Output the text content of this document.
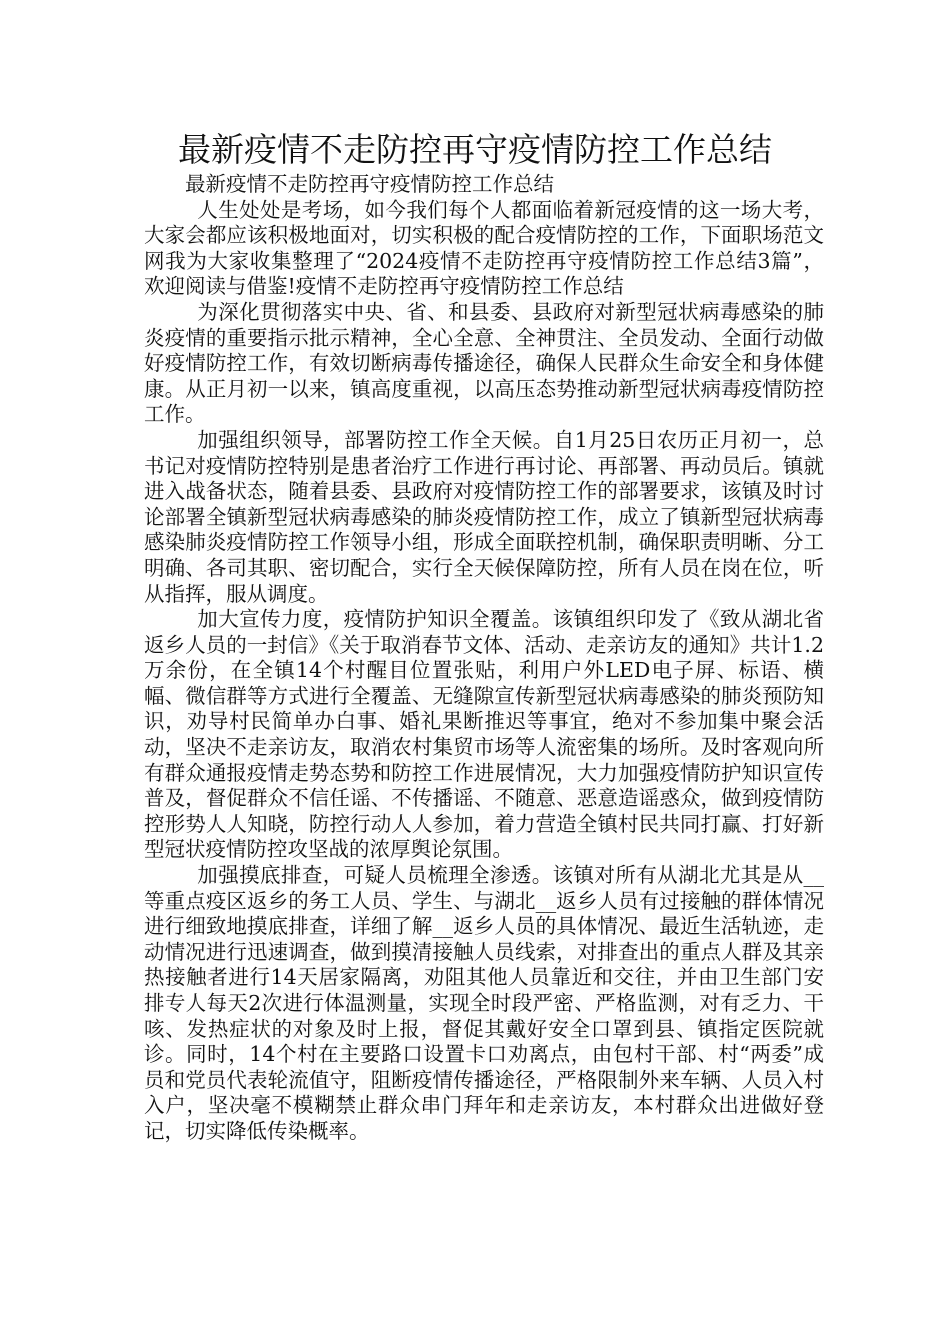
最新疫情不走防控再守疫情防控工作总结

最新疫情不走防控再守疫情防控工作总结

人生处处是考场，如今我们每个人都面临着新冠疫情的这一场大考，大家会都应该积极地面对，切实积极的配合疫情防控的工作，下面职场范文网我为大家收集整理了“2024疫情不走防控再守疫情防控工作总结3篇”，欢迎阅读与借鉴!疫情不走防控再守疫情防控工作总结

为深化贯彻落实中央、省、和县委、县政府对新型冠状病毒感染的肺炎疫情的重要指示批示精神，全心全意、全神贯注、全员发动、全面行动做好疫情防控工作，有效切断病毒传播途径，确保人民群众生命安全和身体健康。从正月初一以来，镇高度重视，以高压态势推动新型冠状病毒疫情防控工作。

加强组织领导，部署防控工作全天候。自1月25日农历正月初一，总书记对疫情防控特别是患者治疗工作进行再讨论、再部署、再动员后。镇就进入战备状态，随着县委、县政府对疫情防控工作的部署要求，该镇及时讨论部署全镇新型冠状病毒感染的肺炎疫情防控工作，成立了镇新型冠状病毒感染肺炎疫情防控工作领导小组，形成全面联控机制，确保职责明晰、分工明确、各司其职、密切配合，实行全天候保障防控，所有人员在岗在位，听从指挥，服从调度。

加大宣传力度，疫情防护知识全覆盖。该镇组织印发了《致从湖北省返乡人员的一封信》《关于取消春节文体、活动、走亲访友的通知》共计1.2万余份，在全镇14个村醒目位置张贴，利用户外LED电子屏、标语、横幅、微信群等方式进行全覆盖、无缝隙宣传新型冠状病毒感染的肺炎预防知识，劝导村民简单办白事、婚礼果断推迟等事宜，绝对不参加集中聚会活动，坚决不走亲访友，取消农村集贸市场等人流密集的场所。及时客观向所有群众通报疫情走势态势和防控工作进展情况，大力加强疫情防护知识宣传普及，督促群众不信任谣、不传播谣、不随意、恶意造谣惑众，做到疫情防控形势人人知晓，防控行动人人参加，着力营造全镇村民共同打赢、打好新型冠状疫情防控攻坚战的浓厚舆论氛围。

加强摸底排查，可疑人员梳理全渗透。该镇对所有从湖北尤其是从__等重点疫区返乡的务工人员、学生、与湖北__返乡人员有过接触的群体情况进行细致地摸底排查，详细了解__返乡人员的具体情况、最近生活轨迹，走动情况进行迅速调查，做到摸清接触人员线索，对排查出的重点人群及其亲热接触者进行14天居家隔离，劝阻其他人员靠近和交往，并由卫生部门安排专人每天2次进行体温测量，实现全时段严密、严格监测，对有乏力、干咳、发热症状的对象及时上报，督促其戴好安全口罩到县、镇指定医院就诊。同时，14个村在主要路口设置卡口劝离点，由包村干部、村“两委”成员和党员代表轮流值守，阻断疫情传播途径，严格限制外来车辆、人员入村入户，坚决毫不模糊禁止群众串门拜年和走亲访友，本村群众出进做好登记，切实降低传染概率。
